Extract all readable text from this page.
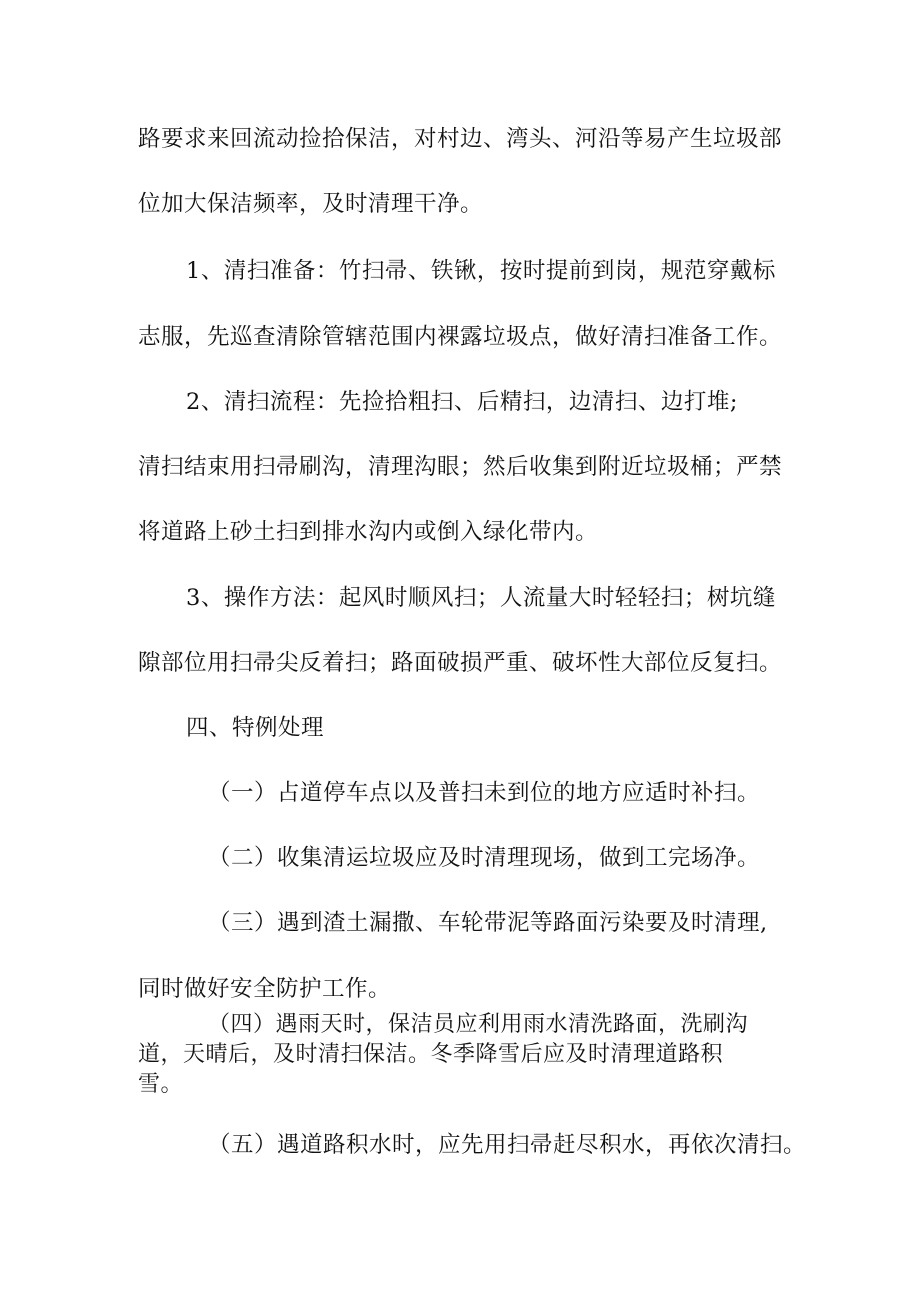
路要求来回流动捡拾保洁，对村边、湾头、河沿等易产生垃圾部
位加大保洁频率，及时清理干净。
1、清扫准备：竹扫帚、铁锹，按时提前到岗，规范穿戴标
志服，先巡查清除管辖范围内裸露垃圾点，做好清扫准备工作。
2、清扫流程：先捡拾粗扫、后精扫，边清扫、边打堆;
清扫结束用扫帚刷沟，清理沟眼；然后收集到附近垃圾桶；严禁
将道路上砂土扫到排水沟内或倒入绿化带内。
3、操作方法：起风时顺风扫；人流量大时轻轻扫；树坑缝
隙部位用扫帚尖反着扫；路面破损严重、破坏性大部位反复扫。
四、特例处理
（一）占道停车点以及普扫未到位的地方应适时补扫。
（二）收集清运垃圾应及时清理现场，做到工完场净。
（三）遇到渣土漏撒、车轮带泥等路面污染要及时清理,
同时做好安全防护工作。
（四）遇雨天时，保洁员应利用雨水清洗路面，洗刷沟
道，天晴后，及时清扫保洁。冬季降雪后应及时清理道路积
雪。
（五）遇道路积水时，应先用扫帚赶尽积水，再依次清扫。
